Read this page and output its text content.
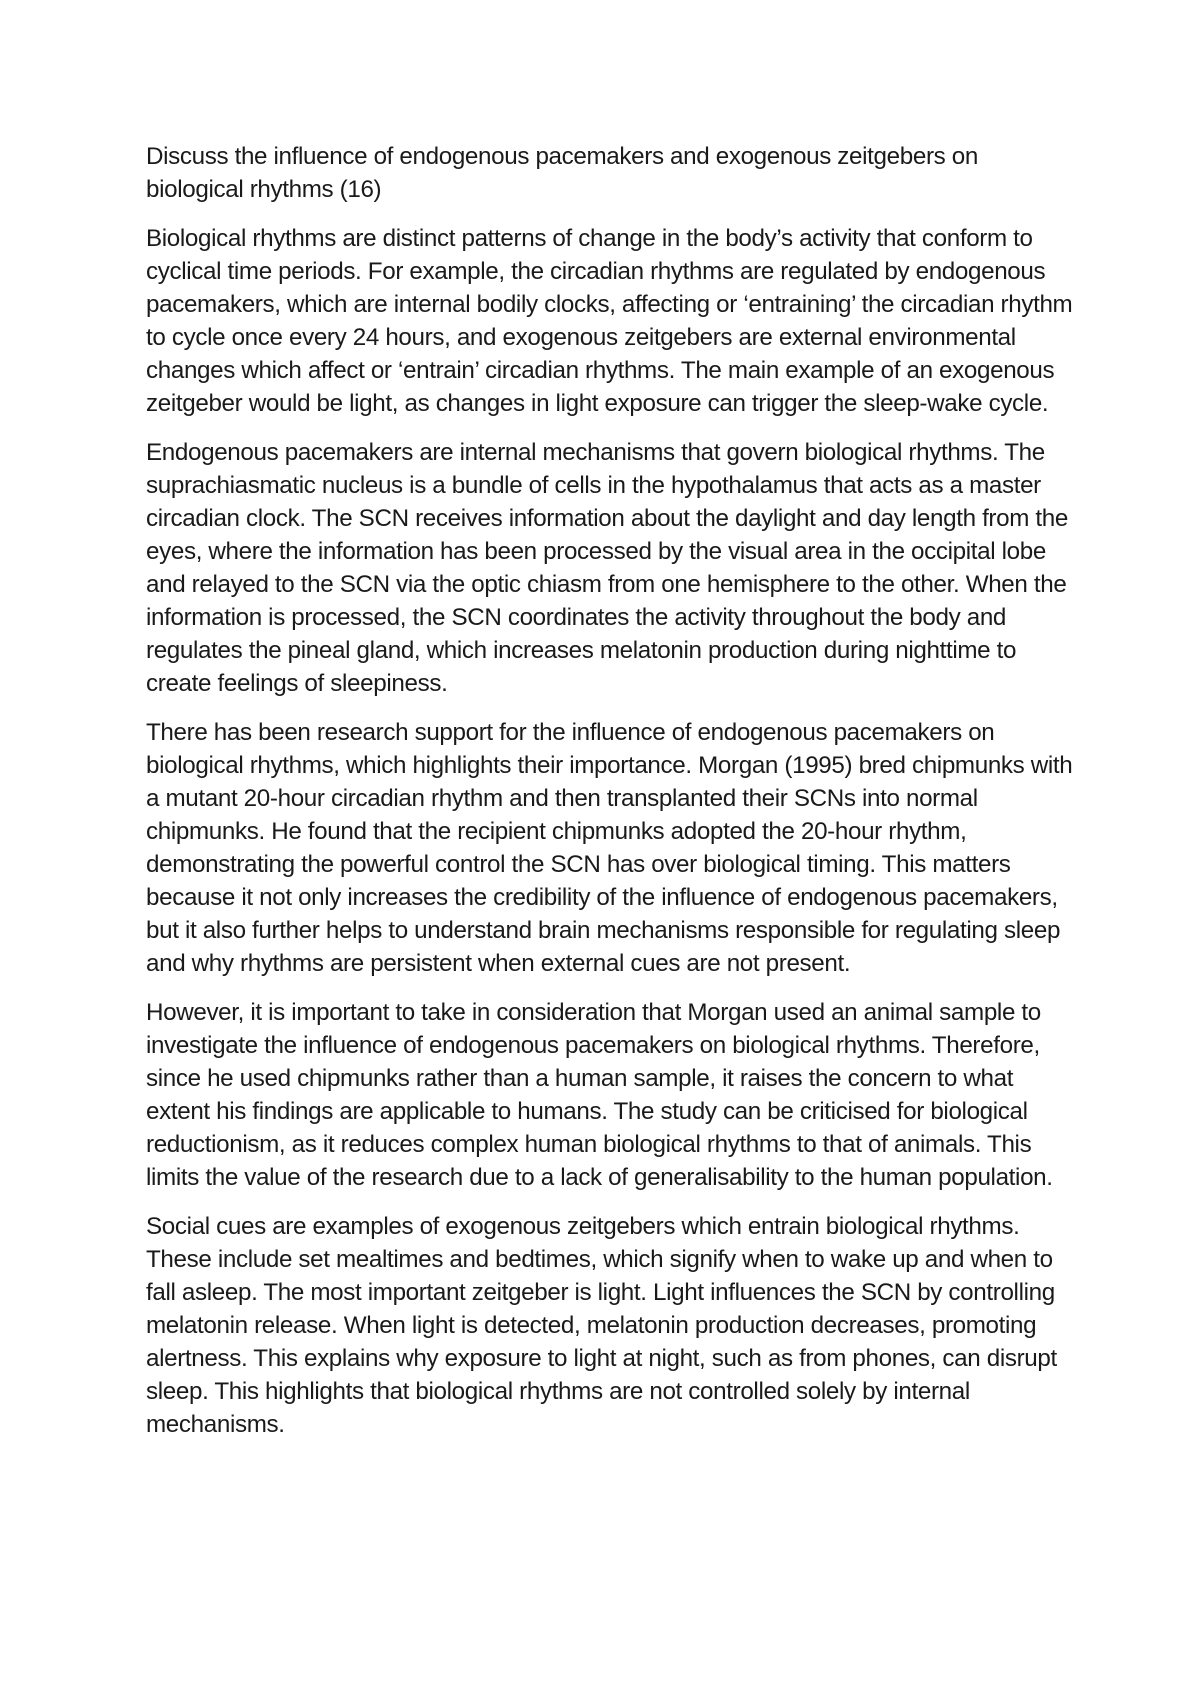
Discuss the influence of endogenous pacemakers and exogenous zeitgebers on biological rhythms (16)

Biological rhythms are distinct patterns of change in the body’s activity that conform to cyclical time periods. For example, the circadian rhythms are regulated by endogenous pacemakers, which are internal bodily clocks, affecting or ‘entraining’ the circadian rhythm to cycle once every 24 hours, and exogenous zeitgebers are external environmental changes which affect or ‘entrain’ circadian rhythms. The main example of an exogenous zeitgeber would be light, as changes in light exposure can trigger the sleep-wake cycle.

Endogenous pacemakers are internal mechanisms that govern biological rhythms. The suprachiasmatic nucleus is a bundle of cells in the hypothalamus that acts as a master circadian clock. The SCN receives information about the daylight and day length from the eyes, where the information has been processed by the visual area in the occipital lobe and relayed to the SCN via the optic chiasm from one hemisphere to the other. When the information is processed, the SCN coordinates the activity throughout the body and regulates the pineal gland, which increases melatonin production during nighttime to create feelings of sleepiness.

There has been research support for the influence of endogenous pacemakers on biological rhythms, which highlights their importance. Morgan (1995) bred chipmunks with a mutant 20-hour circadian rhythm and then transplanted their SCNs into normal chipmunks. He found that the recipient chipmunks adopted the 20-hour rhythm, demonstrating the powerful control the SCN has over biological timing. This matters because it not only increases the credibility of the influence of endogenous pacemakers, but it also further helps to understand brain mechanisms responsible for regulating sleep and why rhythms are persistent when external cues are not present.

However, it is important to take in consideration that Morgan used an animal sample to investigate the influence of endogenous pacemakers on biological rhythms. Therefore, since he used chipmunks rather than a human sample, it raises the concern to what extent his findings are applicable to humans. The study can be criticised for biological reductionism, as it reduces complex human biological rhythms to that of animals. This limits the value of the research due to a lack of generalisability to the human population.

Social cues are examples of exogenous zeitgebers which entrain biological rhythms. These include set mealtimes and bedtimes, which signify when to wake up and when to fall asleep. The most important zeitgeber is light. Light influences the SCN by controlling melatonin release. When light is detected, melatonin production decreases, promoting alertness. This explains why exposure to light at night, such as from phones, can disrupt sleep. This highlights that biological rhythms are not controlled solely by internal mechanisms.
